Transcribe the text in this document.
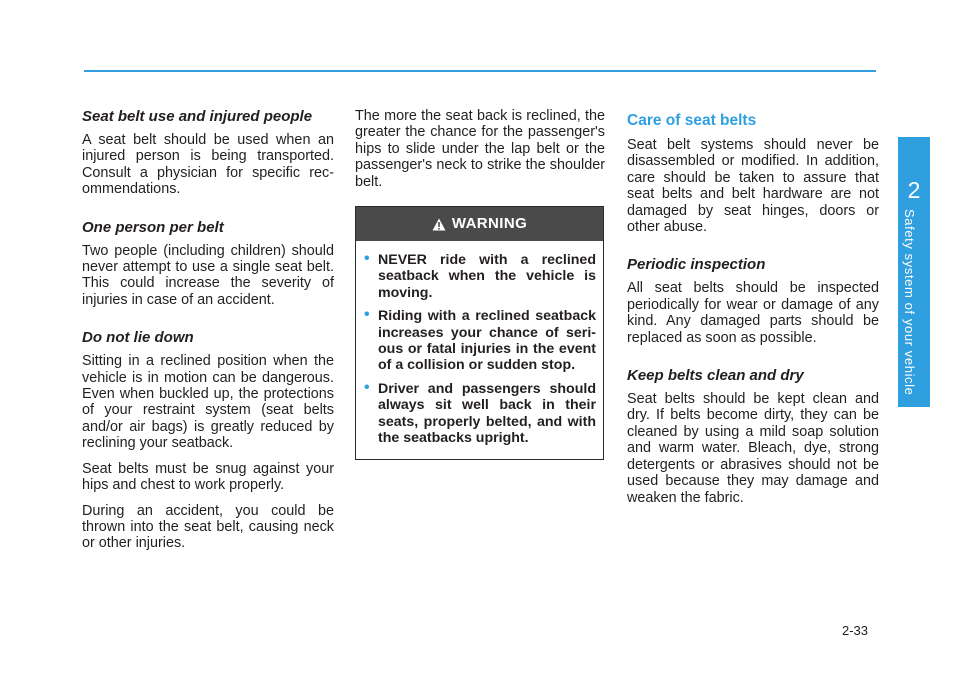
2
Safety system of your vehicle
Seat belt use and injured people

A seat belt should be used when an injured person is being transported. Consult a physician for specific recommendations.

One person per belt

Two people (including children) should never attempt to use a single seat belt. This could increase the severity of injuries in case of an accident.

Do not lie down

Sitting in a reclined position when the vehicle is in motion can be dangerous. Even when buckled up, the protections of your restraint system (seat belts and/or air bags) is greatly reduced by reclining your seatback.

Seat belts must be snug against your hips and chest to work properly.

During an accident, you could be thrown into the seat belt, causing neck or other injuries.

The more the seat back is reclined, the greater the chance for the passenger's hips to slide under the lap belt or the passenger's neck to strike the shoulder belt.

WARNING
• NEVER ride with a reclined seatback when the vehicle is moving.
• Riding with a reclined seatback increases your chance of serious or fatal injuries in the event of a collision or sudden stop.
• Driver and passengers should always sit well back in their seats, properly belted, and with the seatbacks upright.
Care of seat belts

Seat belt systems should never be disassembled or modified. In addition, care should be taken to assure that seat belts and belt hardware are not damaged by seat hinges, doors or other abuse.

Periodic inspection

All seat belts should be inspected periodically for wear or damage of any kind. Any damaged parts should be replaced as soon as possible.

Keep belts clean and dry

Seat belts should be kept clean and dry. If belts become dirty, they can be cleaned by using a mild soap solution and warm water. Bleach, dye, strong detergents or abrasives should not be used because they may damage and weaken the fabric.

2-33
